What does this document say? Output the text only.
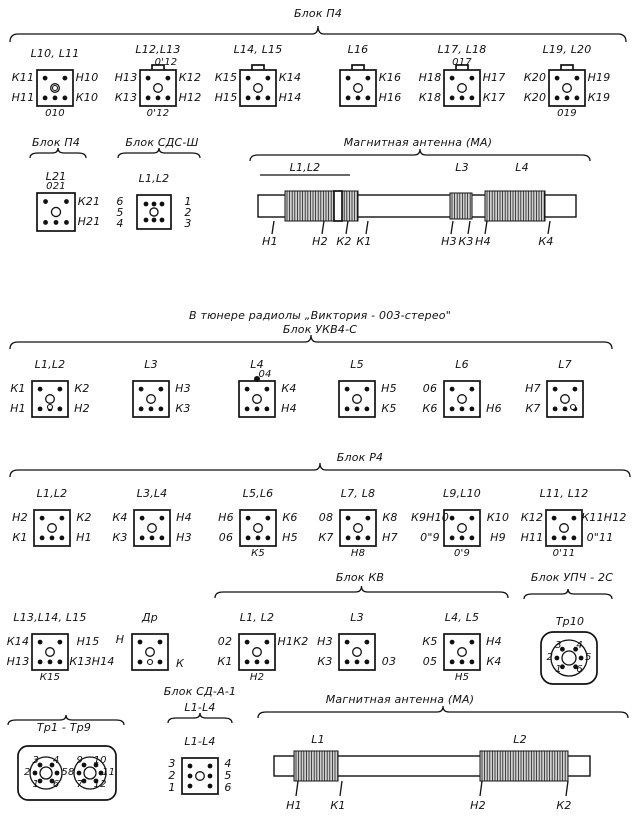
Блок П4
L10, L11
К11
Н11
Н10
К10
010
L12,L13
0'12
Н13
К13
К12
Н12
0'12
L14, L15
К15
Н15
К14
Н14
L16
К16
Н16
L17, L18
017
Н18
К18
Н17
К17
L19, L20
К20
К20
Н19
К19
019
Блок П4	Блок СДС-Ш
L21
021
К21
Н21
L1,L2
6
5
4
1
2
3
Магнитная антенна (МА)
L1,L2	L3	L4
Н1	Н2 К2 К1	Н3 К3 Н4	К4
В тюнере радиолы „Виктория - 003-стерео"
Блок УКВ4-С
L1,L2
К1
Н1
К2
Н2
L3
Н3
К3
L4
04
К4
Н4
L5
Н5
К5
L6
06
К6	Н6
L7
Н7
К7
Блок Р4
L1,L2
Н2
К1
К2
Н1
L3,L4
К4
К3
Н4
Н3
L5,L6
Н6
06
К6
Н5
К5
L7, L8
08
К7
К8
Н7
Н8
L9,L10
К9Н10
0"9
К10
Н9
0'9
L11, L12
К12
Н11
К11Н12
0"11
0'11
Блок КВ	Блок УПЧ - 2С
L13,L14, L15
К14
Н13
Н15
К13Н14
К15
Др
Н
К
L1, L2
02
К1
Н1К2
Н2
L3
Н3
К3	03
L4, L5
К5
05
Н4
К4
Н5
Тр10
Тр1 - Тр9
Блок СД-А-1
L1-L4
L1-L4
3
2
1
4
5
6
Магнитная антенна (МА)
L1	L2
Н1	К1	Н2	К2
3 4
2	5
1 6
3	9
4	10
2	8
5	11
1	7
6	12
